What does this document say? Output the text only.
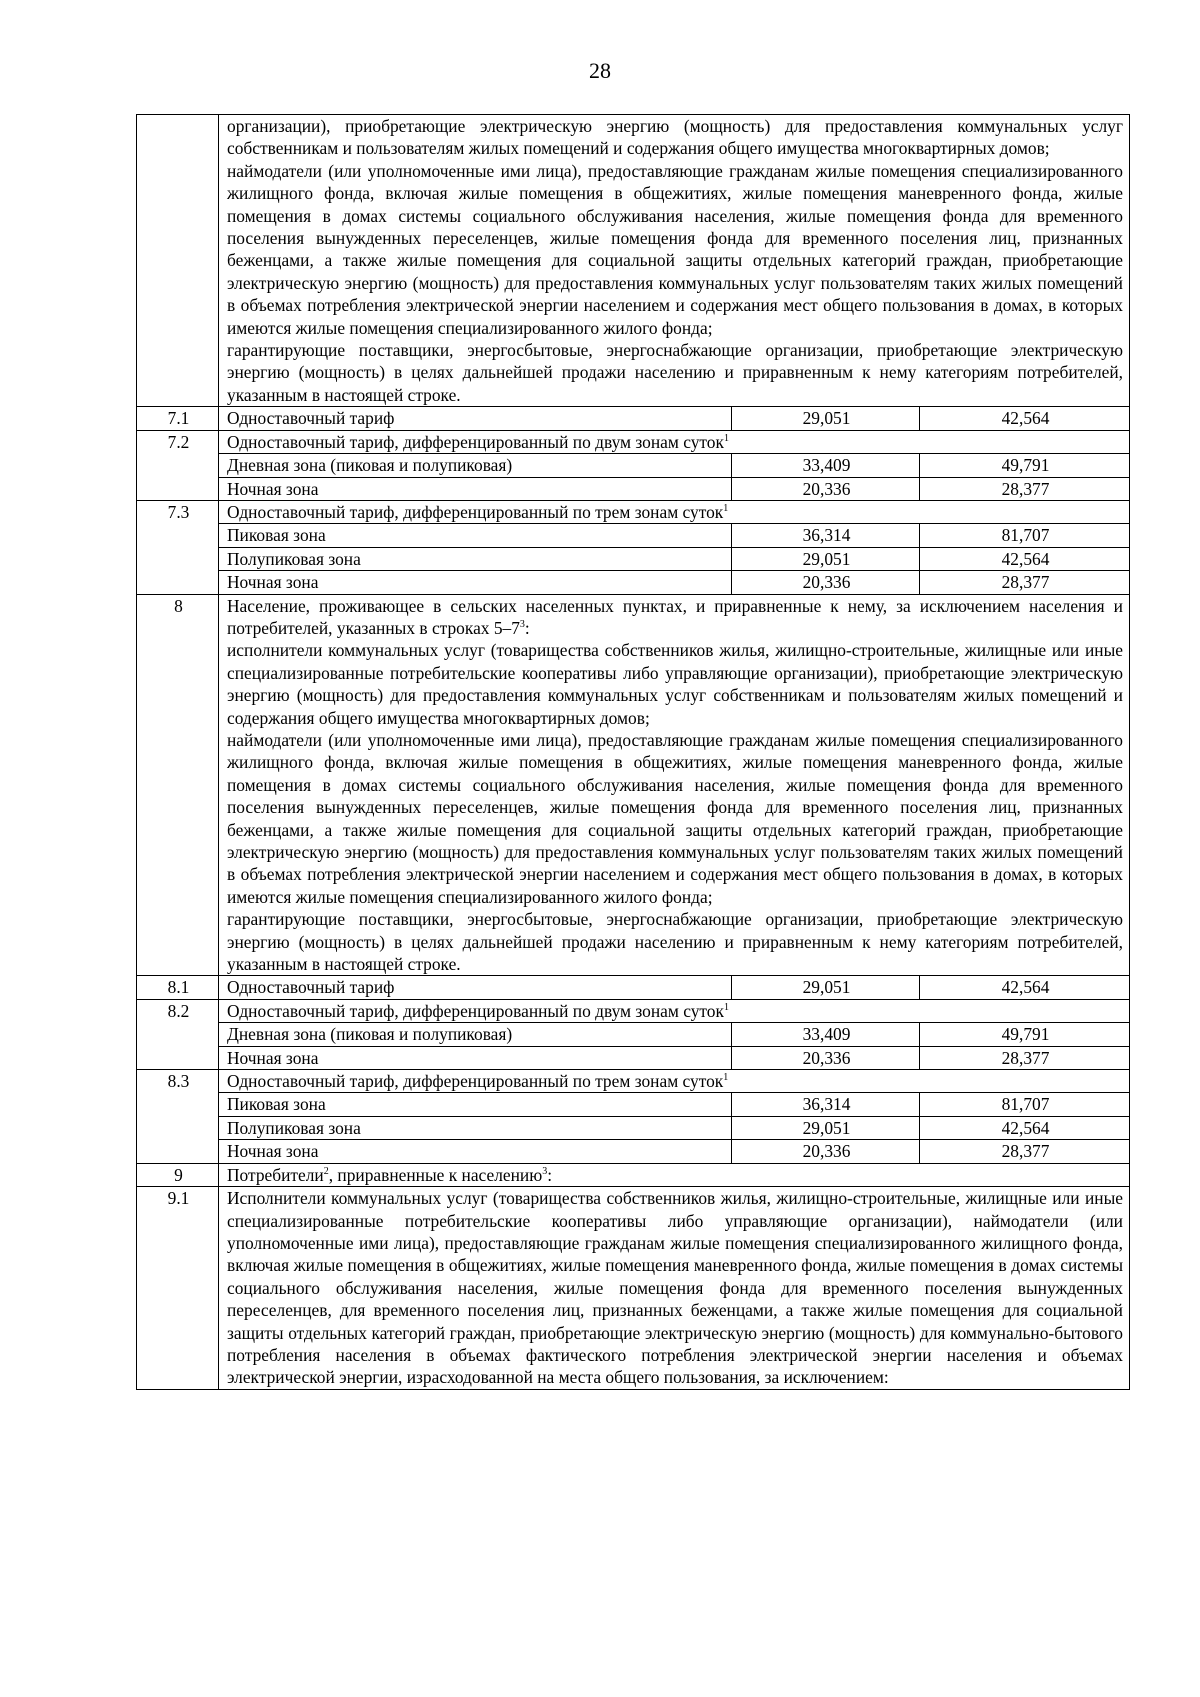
28

	организации), приобретающие электрическую энергию (мощность) для предоставления коммунальных услуг собственникам и пользователям жилых помещений и содержания общего имущества многоквартирных домов;

наймодатели (или уполномоченные ими лица), предоставляющие гражданам жилые помещения специализированного жилищного фонда, включая жилые помещения в общежитиях, жилые помещения маневренного фонда, жилые помещения в домах системы социального обслуживания населения, жилые помещения фонда для временного поселения вынужденных переселенцев, жилые помещения фонда для временного поселения лиц, признанных беженцами, а также жилые помещения для социальной защиты отдельных категорий граждан, приобретающие электрическую энергию (мощность) для предоставления коммунальных услуг пользователям таких жилых помещений в объемах потребления электрической энергии населением и содержания мест общего пользования в домах, в которых имеются жилые помещения специализированного жилого фонда;

гарантирующие поставщики, энергосбытовые, энергоснабжающие организации, приобретающие электрическую энергию (мощность) в целях дальнейшей продажи населению и приравненным к нему категориям потребителей, указанным в настоящей строке.		

7.1	Одноставочный тариф	29,051	42,564
7.2	Одноставочный тариф, дифференцированный по двум зонам суток$^1$
	Дневная зона (пиковая и полупиковая)	33,409	49,791
	Ночная зона	20,336	28,377
7.3	Одноставочный тариф, дифференцированный по трем зонам суток$^1$
	Пиковая зона	36,314	81,707
	Полупиковая зона	29,051	42,564
	Ночная зона	20,336	28,377
8	Население, проживающее в сельских населенных пунктах, и приравненные к нему, за исключением населения и потребителей, указанных в строках $5-7^3$:

исполнители коммунальных услуг (товарищества собственников жилья, жилищно-строительные, жилищные или иные специализированные потребительские кооперативы либо управляющие организации), приобретающие электрическую энергию (мощность) для предоставления коммунальных услуг собственникам и пользователям жилых помещений и содержания общего имущества многоквартирных домов;

наймодатели (или уполномоченные ими лица), предоставляющие гражданам жилые помещения специализированного жилищного фонда, включая жилые помещения в общежитиях, жилые помещения маневренного фонда, жилые помещения в домах системы социального обслуживания населения, жилые помещения фонда для временного поселения вынужденных переселенцев, жилые помещения фонда для временного поселения лиц, признанных беженцами, а также жилые помещения для социальной защиты отдельных категорий граждан, приобретающие электрическую энергию (мощность) для предоставления коммунальных услуг пользователям таких жилых помещений в объемах потребления электрической энергии населением и содержания мест общего пользования в домах, в которых имеются жилые помещения специализированного жилого фонда;

гарантирующие поставщики, энергосбытовые, энергоснабжающие организации, приобретающие электрическую энергию (мощность) в целях дальнейшей продажи населению и приравненным к нему категориям потребителей, указанным в настоящей строке.		

8.1	Одноставочный тариф	29,051	42,564
8.2	Одноставочный тариф, дифференцированный по двум зонам суток$^1$
	Дневная зона (пиковая и полупиковая)	33,409	49,791
	Ночная зона	20,336	28,377
8.3	Одноставочный тариф, дифференцированный по трем зонам суток$^1$
	Пиковая зона	36,314	81,707
	Полупиковая зона	29,051	42,564
	Ночная зона	20,336	28,377
9	Потребители$^2$, приравненные к населению$^3$:		
9.1	Исполнители коммунальных услуг (товарищества собственников жилья, жилищно-строительные, жилищные или иные специализированные потребительские кооперативы либо управляющие организации), наймодатели (или уполномоченные ими лица), предоставляющие гражданам жилые помещения специализированного жилищного фонда, включая жилые помещения в общежитиях, жилые помещения маневренного фонда, жилые помещения в домах системы социального обслуживания населения, жилые помещения фонда для временного поселения вынужденных переселенцев, для временного поселения лиц, признанных беженцами, а также жилые помещения для социальной защиты отдельных категорий граждан, приобретающие электрическую энергию (мощность) для коммунально-бытового потребления населения в объемах фактического потребления электрической энергии населения и объемах электрической энергии, израсходованной на места общего пользования, за исключением:		
